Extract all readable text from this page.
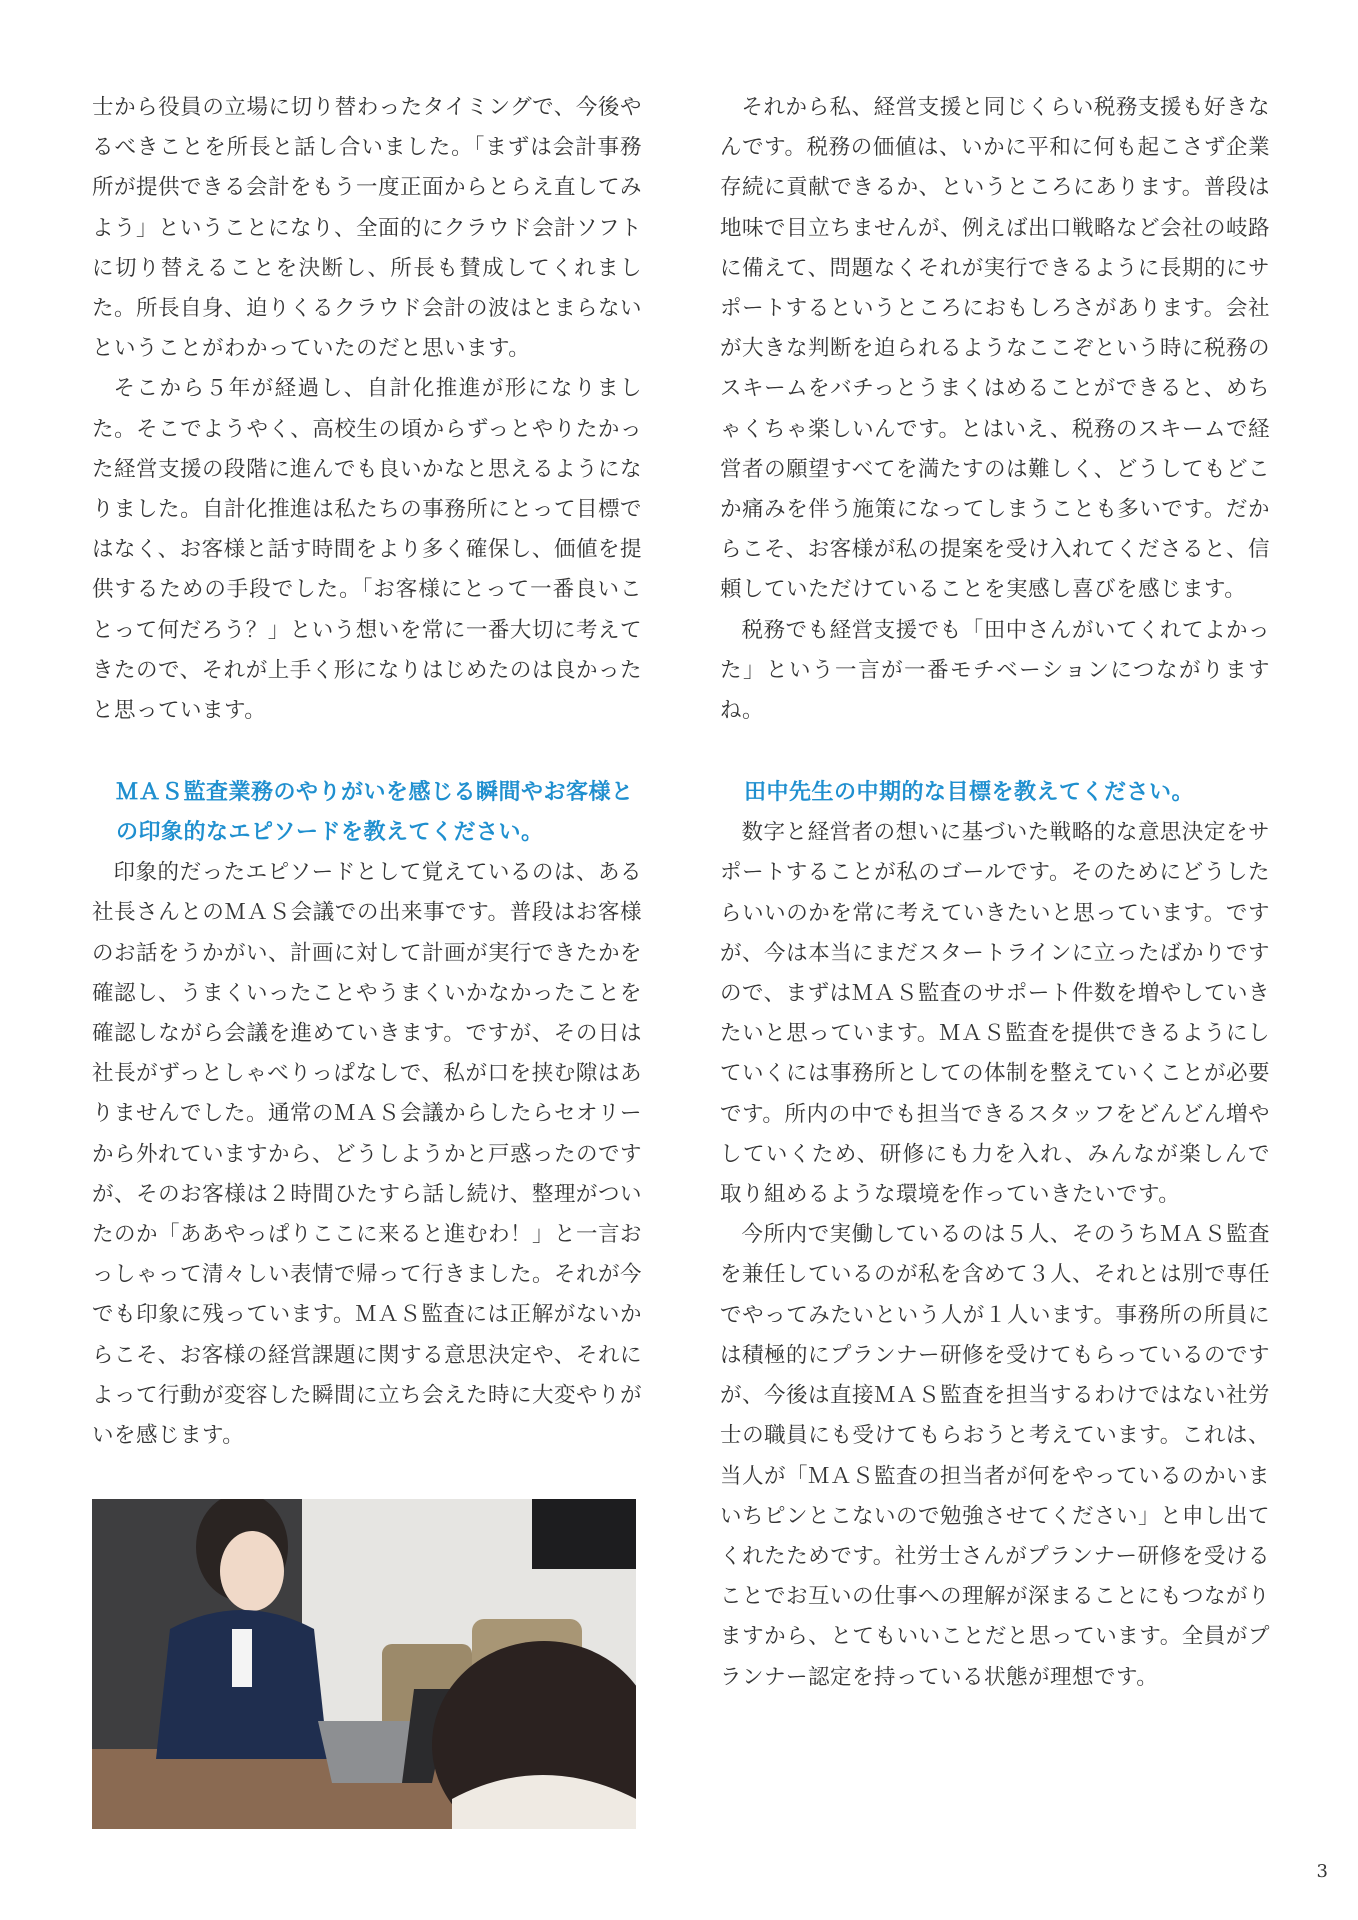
士から役員の立場に切り替わったタイミングで、今後やるべきことを所長と話し合いました。「まずは会計事務所が提供できる会計をもう一度正面からとらえ直してみよう」ということになり、全面的にクラウド会計ソフトに切り替えることを決断し、所長も賛成してくれました。所長自身、迫りくるクラウド会計の波はとまらないということがわかっていたのだと思います。

そこから５年が経過し、自計化推進が形になりました。そこでようやく、高校生の頃からずっとやりたかった経営支援の段階に進んでも良いかなと思えるようになりました。自計化推進は私たちの事務所にとって目標ではなく、お客様と話す時間をより多く確保し、価値を提供するための手段でした。「お客様にとって一番良いことって何だろう？」という想いを常に一番大切に考えてきたので、それが上手く形になりはじめたのは良かったと思っています。

ＭＡＳ監査業務のやりがいを感じる瞬間やお客様との印象的なエピソードを教えてください。

印象的だったエピソードとして覚えているのは、ある社長さんとのＭＡＳ会議での出来事です。普段はお客様のお話をうかがい、計画に対して計画が実行できたかを確認し、うまくいったことやうまくいかなかったことを確認しながら会議を進めていきます。ですが、その日は社長がずっとしゃべりっぱなしで、私が口を挟む隙はありませんでした。通常のＭＡＳ会議からしたらセオリーから外れていますから、どうしようかと戸惑ったのですが、そのお客様は２時間ひたすら話し続け、整理がついたのか「ああやっぱりここに来ると進むわ！」と一言おっしゃって清々しい表情で帰って行きました。それが今でも印象に残っています。ＭＡＳ監査には正解がないからこそ、お客様の経営課題に関する意思決定や、それによって行動が変容した瞬間に立ち会えた時に大変やりがいを感じます。

それから私、経営支援と同じくらい税務支援も好きなんです。税務の価値は、いかに平和に何も起こさず企業存続に貢献できるか、というところにあります。普段は地味で目立ちませんが、例えば出口戦略など会社の岐路に備えて、問題なくそれが実行できるように長期的にサポートするというところにおもしろさがあります。会社が大きな判断を迫られるようなここぞという時に税務のスキームをバチっとうまくはめることができると、めちゃくちゃ楽しいんです。とはいえ、税務のスキームで経営者の願望すべてを満たすのは難しく、どうしてもどこか痛みを伴う施策になってしまうことも多いです。だからこそ、お客様が私の提案を受け入れてくださると、信頼していただけていることを実感し喜びを感じます。

税務でも経営支援でも「田中さんがいてくれてよかった」という一言が一番モチベーションにつながりますね。

田中先生の中期的な目標を教えてください。

数字と経営者の想いに基づいた戦略的な意思決定をサポートすることが私のゴールです。そのためにどうしたらいいのかを常に考えていきたいと思っています。ですが、今は本当にまだスタートラインに立ったばかりですので、まずはＭＡＳ監査のサポート件数を増やしていきたいと思っています。ＭＡＳ監査を提供できるようにしていくには事務所としての体制を整えていくことが必要です。所内の中でも担当できるスタッフをどんどん増やしていくため、研修にも力を入れ、みんなが楽しんで取り組めるような環境を作っていきたいです。

今所内で実働しているのは５人、そのうちＭＡＳ監査を兼任しているのが私を含めて３人、それとは別で専任でやってみたいという人が１人います。事務所の所員には積極的にプランナー研修を受けてもらっているのですが、今後は直接ＭＡＳ監査を担当するわけではない社労士の職員にも受けてもらおうと考えています。これは、当人が「ＭＡＳ監査の担当者が何をやっているのかいまいちピンとこないので勉強させてください」と申し出てくれたためです。社労士さんがプランナー研修を受けることでお互いの仕事への理解が深まることにもつながりますから、とてもいいことだと思っています。全員がプランナー認定を持っている状態が理想です。

3
